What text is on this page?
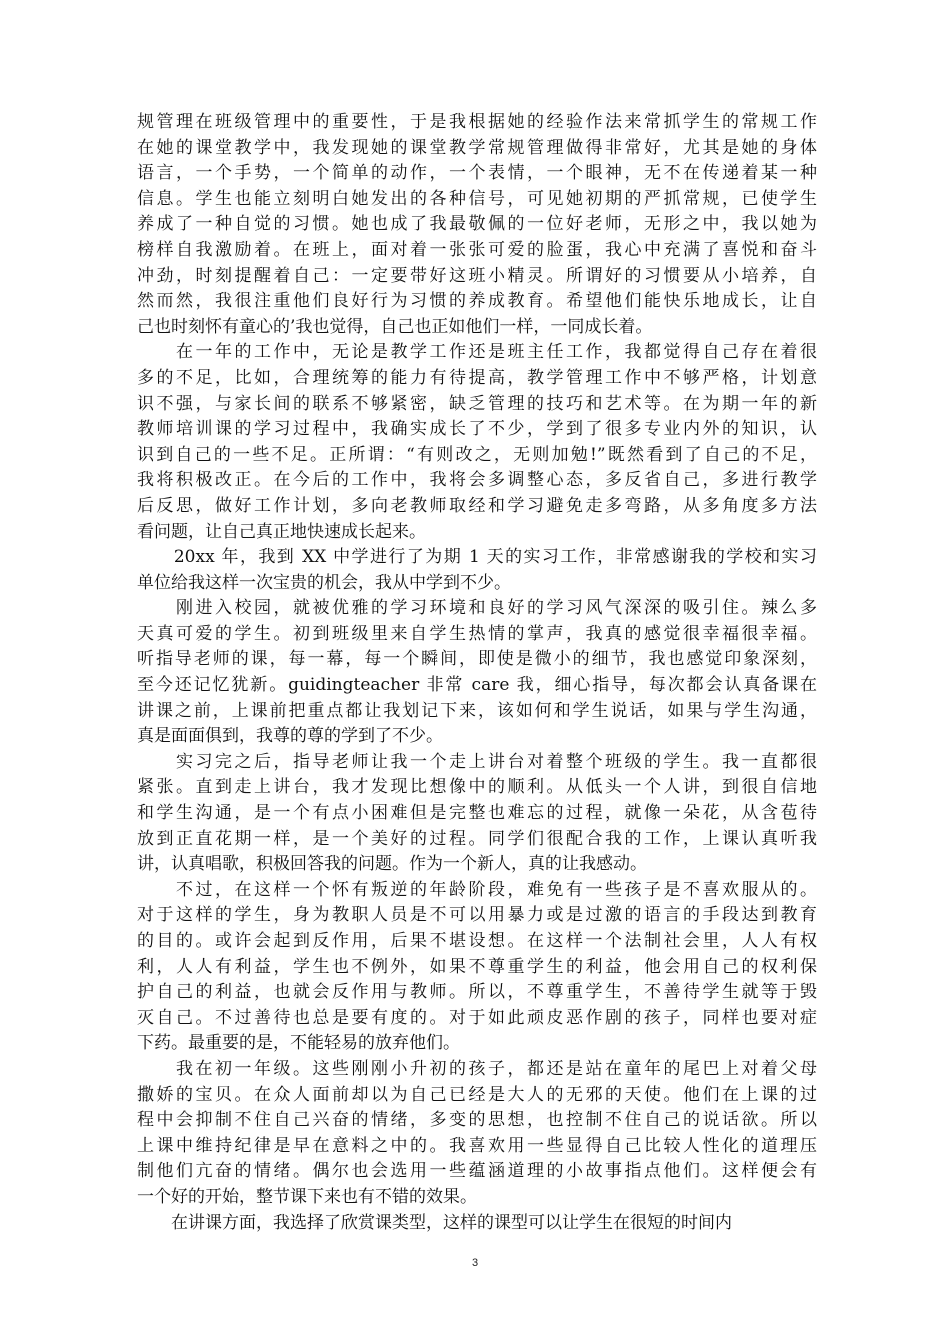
规管理在班级管理中的重要性，于是我根据她的经验作法来常抓学生的常规工作
在她的课堂教学中，我发现她的课堂教学常规管理做得非常好，尤其是她的身体
语言，一个手势，一个简单的动作，一个表情，一个眼神，无不在传递着某一种
信息。学生也能立刻明白她发出的各种信号，可见她初期的严抓常规，已使学生
养成了一种自觉的习惯。她也成了我最敬佩的一位好老师，无形之中，我以她为
榜样自我激励着。在班上，面对着一张张可爱的脸蛋，我心中充满了喜悦和奋斗
冲劲，时刻提醒着自己：一定要带好这班小精灵。所谓好的习惯要从小培养，自
然而然，我很注重他们良好行为习惯的养成教育。希望他们能快乐地成长，让自
己也时刻怀有童心的’我也觉得，自己也正如他们一样，一同成长着。
　　在一年的工作中，无论是教学工作还是班主任工作，我都觉得自己存在着很
多的不足，比如，合理统筹的能力有待提高，教学管理工作中不够严格，计划意
识不强，与家长间的联系不够紧密，缺乏管理的技巧和艺术等。在为期一年的新
教师培训课的学习过程中，我确实成长了不少，学到了很多专业内外的知识，认
识到自己的一些不足。正所谓：“有则改之，无则加勉!”既然看到了自己的不足，
我将积极改正。在今后的工作中，我将会多调整心态，多反省自己，多进行教学
后反思，做好工作计划，多向老教师取经和学习避免走多弯路，从多角度多方法
看问题，让自己真正地快速成长起来。
　　20xx 年，我到 XX 中学进行了为期 1 天的实习工作，非常感谢我的学校和实习
单位给我这样一次宝贵的机会，我从中学到不少。
　　刚进入校园，就被优雅的学习环境和良好的学习风气深深的吸引住。辣么多
天真可爱的学生。初到班级里来自学生热情的掌声，我真的感觉很幸福很幸福。
听指导老师的课，每一幕，每一个瞬间，即使是微小的细节，我也感觉印象深刻，
至今还记忆犹新。guidingteacher 非常 care 我，细心指导，每次都会认真备课在
讲课之前，上课前把重点都让我划记下来，该如何和学生说话，如果与学生沟通，
真是面面俱到，我尊的尊的学到了不少。
　　实习完之后，指导老师让我一个走上讲台对着整个班级的学生。我一直都很
紧张。直到走上讲台，我才发现比想像中的顺利。从低头一个人讲，到很自信地
和学生沟通，是一个有点小困难但是完整也难忘的过程，就像一朵花，从含苞待
放到正直花期一样，是一个美好的过程。同学们很配合我的工作，上课认真听我
讲，认真唱歌，积极回答我的问题。作为一个新人，真的让我感动。
　　不过，在这样一个怀有叛逆的年龄阶段，难免有一些孩子是不喜欢服从的。
对于这样的学生，身为教职人员是不可以用暴力或是过激的语言的手段达到教育
的目的。或许会起到反作用，后果不堪设想。在这样一个法制社会里，人人有权
利，人人有利益，学生也不例外，如果不尊重学生的利益，他会用自己的权利保
护自己的利益，也就会反作用与教师。所以，不尊重学生，不善待学生就等于毁
灭自己。不过善待也总是要有度的。对于如此顽皮恶作剧的孩子，同样也要对症
下药。最重要的是，不能轻易的放弃他们。
　　我在初一年级。这些刚刚小升初的孩子，都还是站在童年的尾巴上对着父母
撒娇的宝贝。在众人面前却以为自己已经是大人的无邪的天使。他们在上课的过
程中会抑制不住自己兴奋的情绪，多变的思想，也控制不住自己的说话欲。所以
上课中维持纪律是早在意料之中的。我喜欢用一些显得自己比较人性化的道理压
制他们亢奋的情绪。偶尔也会选用一些蕴涵道理的小故事指点他们。这样便会有
一个好的开始，整节课下来也有不错的效果。
　　在讲课方面，我选择了欣赏课类型，这样的课型可以让学生在很短的时间内
3
